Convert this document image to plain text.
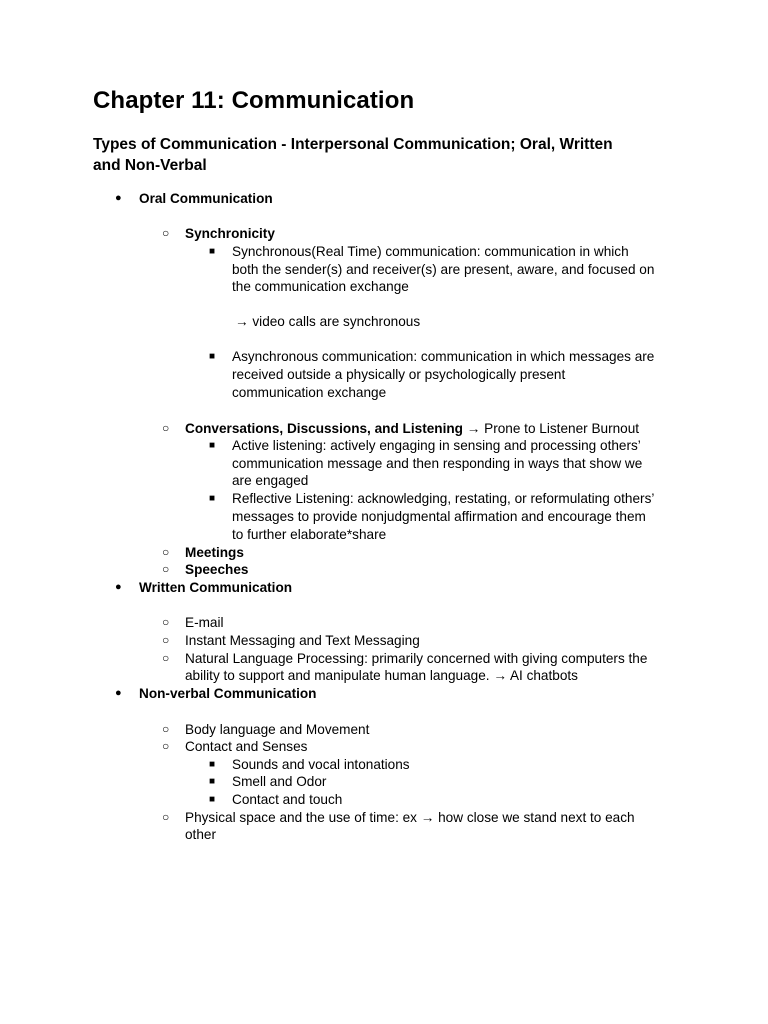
Chapter 11: Communication
Types of Communication - Interpersonal Communication; Oral, Written
and Non-Verbal
● Oral Communication
○ Synchronicity
■ Synchronous(Real Time) communication: communication in which
both the sender(s) and receiver(s) are present, aware, and focused on
the communication exchange
→ video calls are synchronous
■ Asynchronous communication: communication in which messages are
received outside a physically or psychologically present
communication exchange
○ Conversations, Discussions, and Listening → Prone to Listener Burnout
■ Active listening: actively engaging in sensing and processing others’
communication message and then responding in ways that show we
are engaged
■ Reflective Listening: acknowledging, restating, or reformulating others’
messages to provide nonjudgmental affirmation and encourage them
to further elaborate*share
○ Meetings
○ Speeches
● Written Communication
○ E-mail
○ Instant Messaging and Text Messaging
○ Natural Language Processing: primarily concerned with giving computers the
ability to support and manipulate human language. → AI chatbots
● Non-verbal Communication
○ Body language and Movement
○ Contact and Senses
■ Sounds and vocal intonations
■ Smell and Odor
■ Contact and touch
○ Physical space and the use of time: ex → how close we stand next to each
other
